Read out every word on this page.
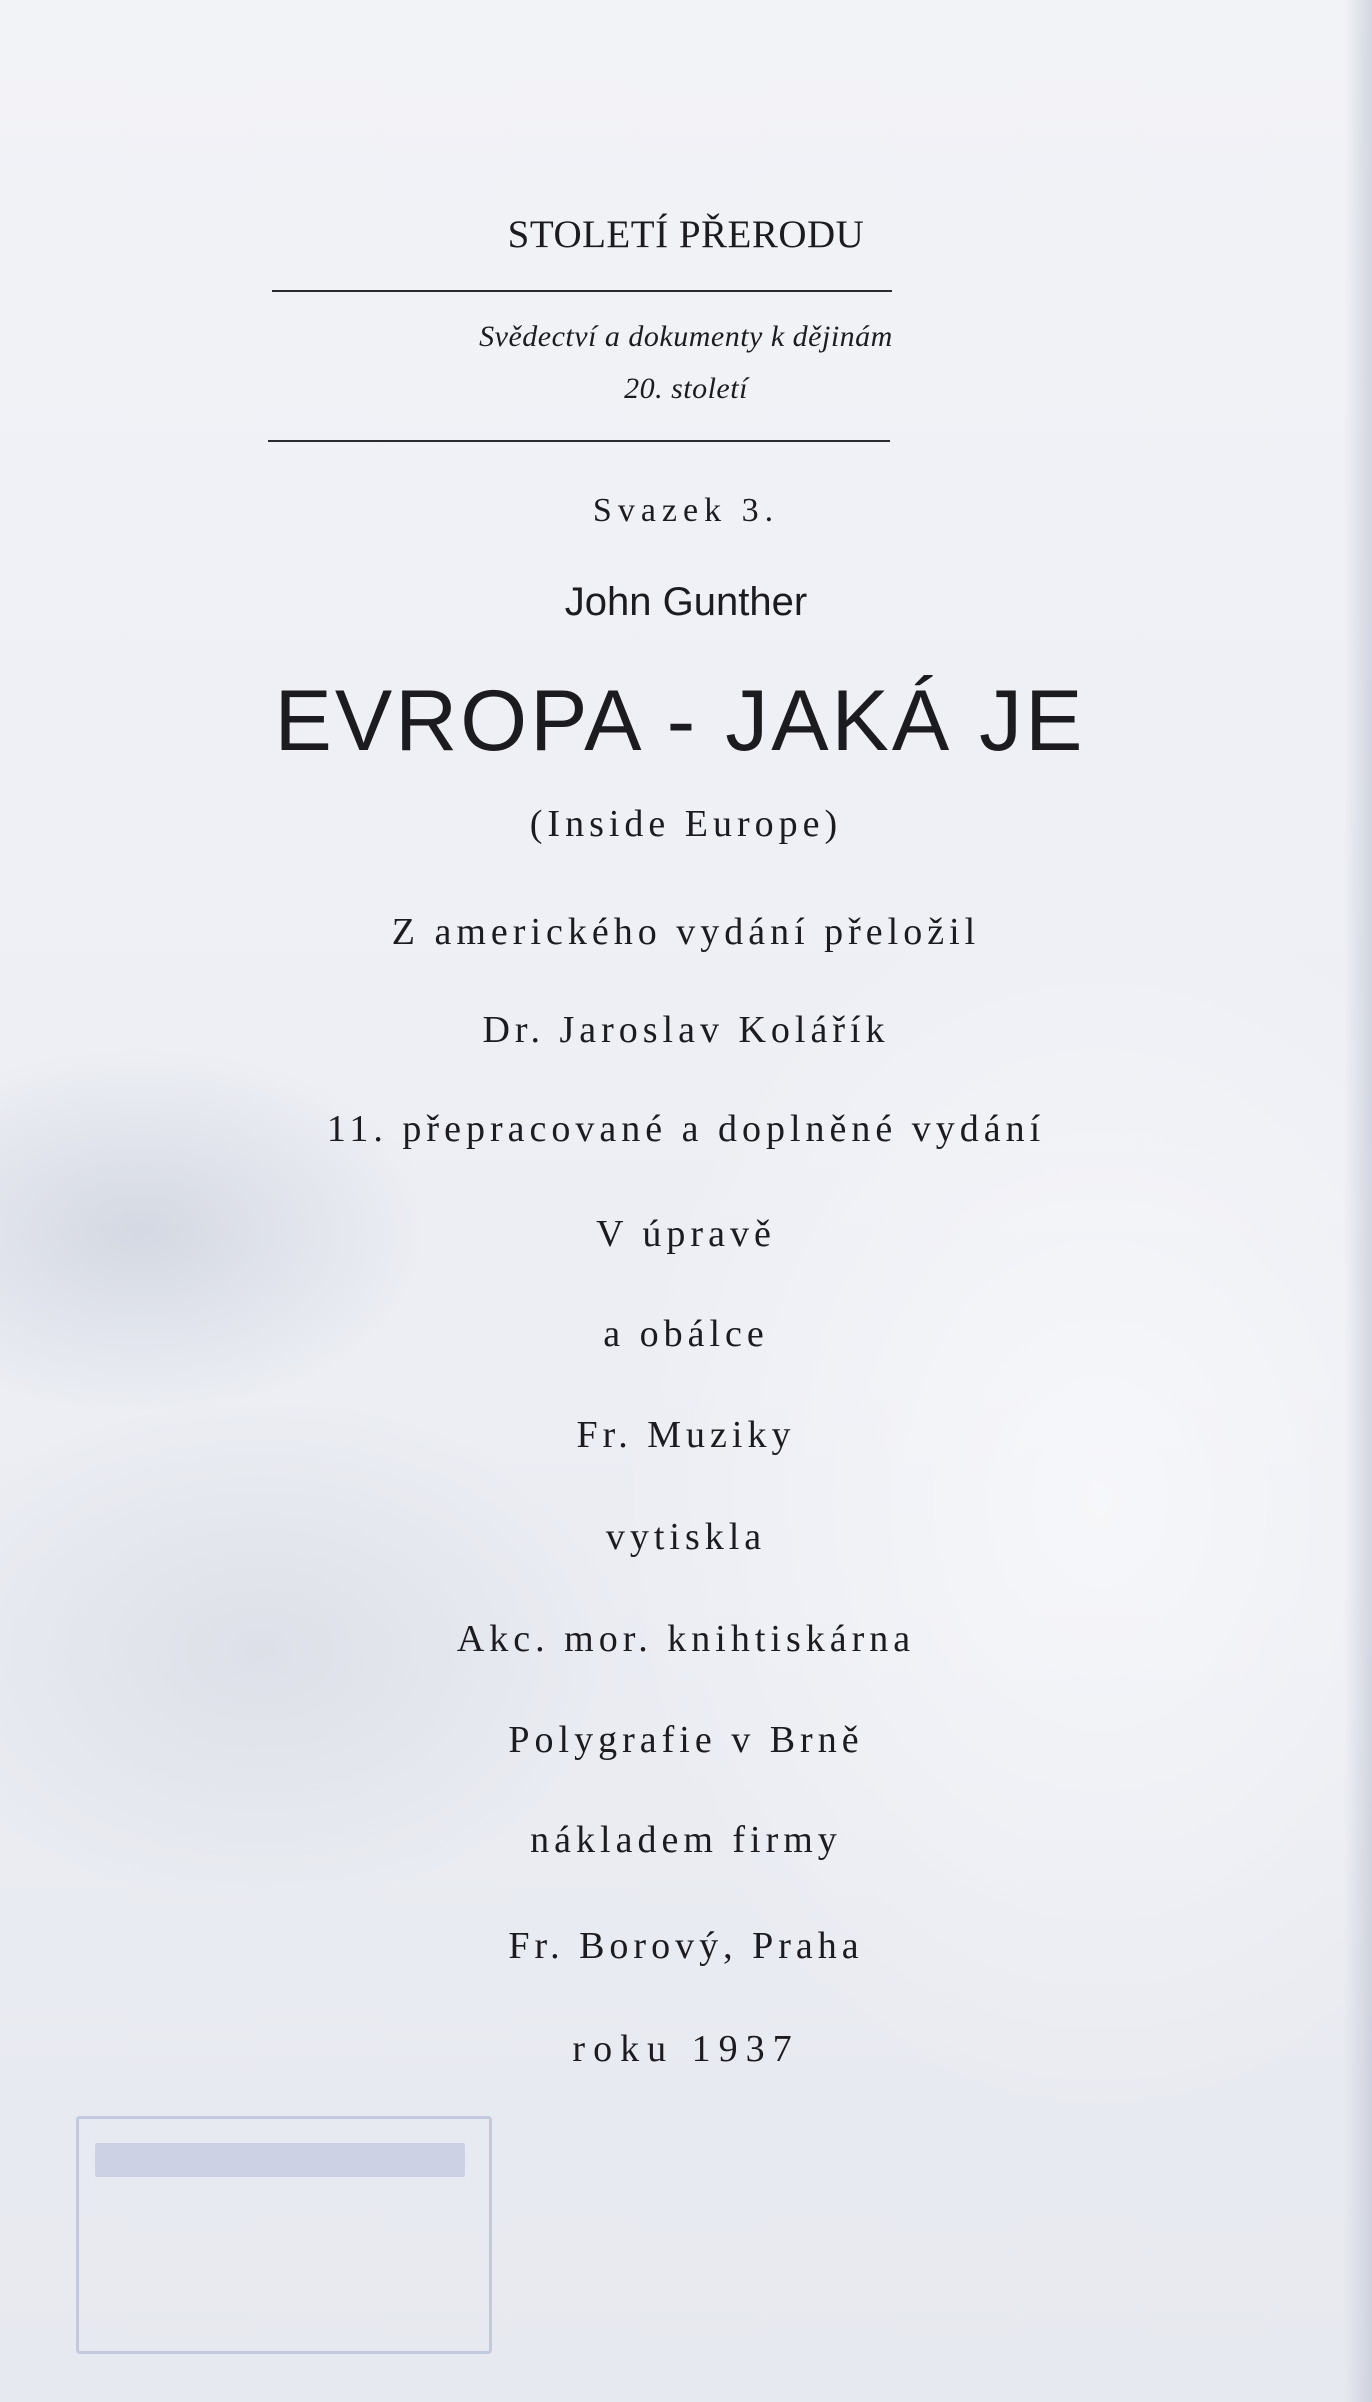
STOLETÍ PŘERODU
Svědectví a dokumenty k dějinám
20. století
Svazek 3.
John Gunther
EVROPA - JAKÁ JE
(Inside Europe)
Z amerického vydání přeložil
Dr. Jaroslav Kolářík
11. přepracované a doplněné vydání
V úpravě
a obálce
Fr. Muziky
vytiskla
Akc. mor. knihtiskárna
Polygrafie v Brně
nákladem firmy
Fr. Borový, Praha
roku 1937
